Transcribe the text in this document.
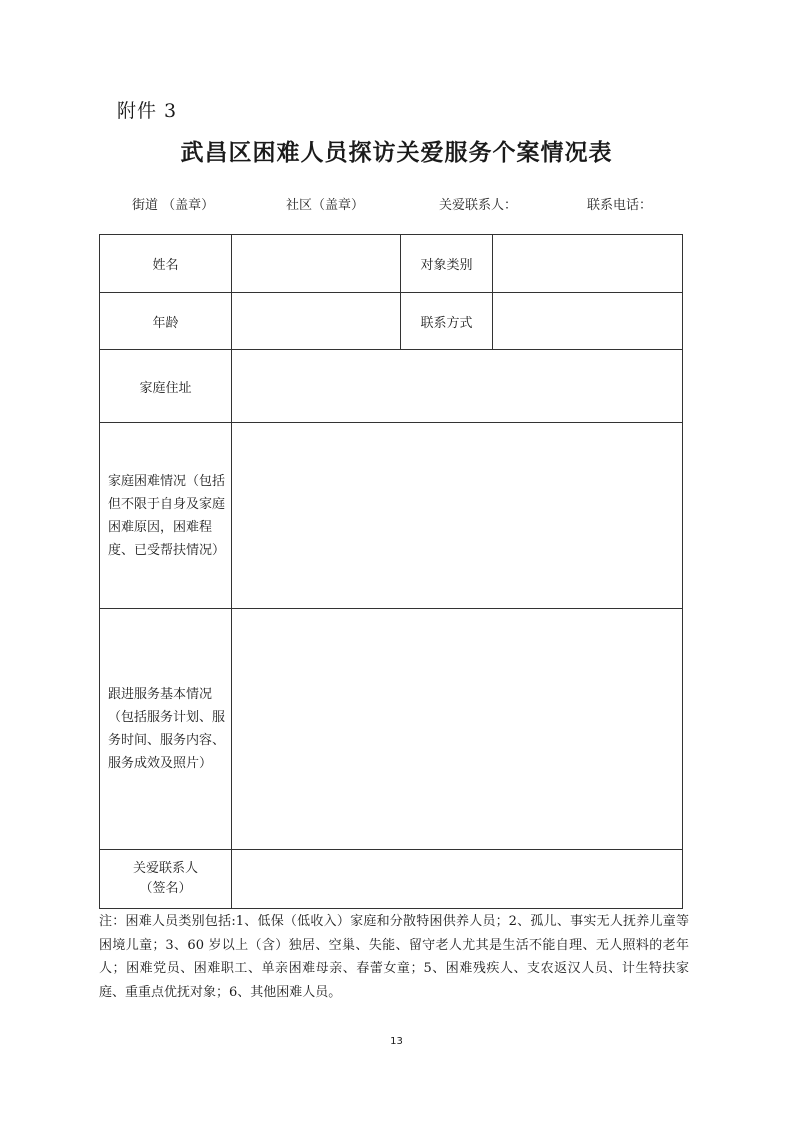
附件 3
武昌区困难人员探访关爱服务个案情况表
街道 （盖章）	社区（盖章）	关爱联系人：	联系电话：
姓名		对象类别	
年龄		联系方式	
家庭住址			
家庭困难情况（包括但不限于自身及家庭困难原因，困难程度、已受帮扶情况）			
跟进服务基本情况（包括服务计划、服务时间、服务内容、服务成效及照片）			

关爱联系人
（签名）			

注：困难人员类别包括:1、低保（低收入）家庭和分散特困供养人员；2、孤儿、事实无人抚养儿童等困境儿童；3、60 岁以上（含）独居、空巢、失能、留守老人尤其是生活不能自理、无人照料的老年人；困难党员、困难职工、单亲困难母亲、春蕾女童；5、困难残疾人、支农返汉人员、计生特扶家庭、重重点优抚对象；6、其他困难人员。
13
